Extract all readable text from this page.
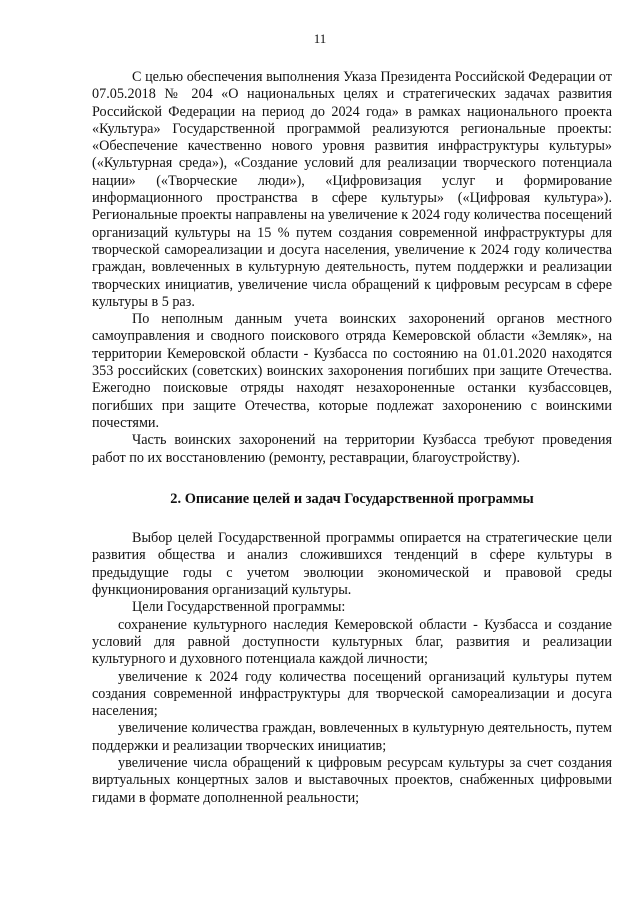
11

С целью обеспечения выполнения Указа Президента Российской Федерации от 07.05.2018 № 204 «О национальных целях и стратегических задачах развития Российской Федерации на период до 2024 года» в рамках национального проекта «Культура» Государственной программой реализуются региональные проекты: «Обеспечение качественно нового уровня развития инфраструктуры культуры» («Культурная среда»), «Создание условий для реализации творческого потенциала нации» («Творческие люди»), «Цифровизация услуг и формирование информационного пространства в сфере культуры» («Цифровая культура»). Региональные проекты направлены на увеличение к 2024 году количества посещений организаций культуры на 15 % путем создания современной инфраструктуры для творческой самореализации и досуга населения, увеличение к 2024 году количества граждан, вовлеченных в культурную деятельность, путем поддержки и реализации творческих инициатив, увеличение числа обращений к цифровым ресурсам в сфере культуры в 5 раз.

По неполным данным учета воинских захоронений органов местного самоуправления и сводного поискового отряда Кемеровской области «Земляк», на территории Кемеровской области - Кузбасса по состоянию на 01.01.2020 находятся 353 российских (советских) воинских захоронения погибших при защите Отечества. Ежегодно поисковые отряды находят незахороненные останки кузбассовцев, погибших при защите Отечества, которые подлежат захоронению с воинскими почестями.

Часть воинских захоронений на территории Кузбасса требуют проведения работ по их восстановлению (ремонту, реставрации, благоустройству).

2. Описание целей и задач Государственной программы

Выбор целей Государственной программы опирается на стратегические цели развития общества и анализ сложившихся тенденций в сфере культуры в предыдущие годы с учетом эволюции экономической и правовой среды функционирования организаций культуры.

Цели Государственной программы:

сохранение культурного наследия Кемеровской области - Кузбасса и создание условий для равной доступности культурных благ, развития и реализации культурного и духовного потенциала каждой личности;

увеличение к 2024 году количества посещений организаций культуры путем создания современной инфраструктуры для творческой самореализации и досуга населения;

увеличение количества граждан, вовлеченных в культурную деятельность, путем поддержки и реализации творческих инициатив;

увеличение числа обращений к цифровым ресурсам культуры за счет создания виртуальных концертных залов и выставочных проектов, снабженных цифровыми гидами в формате дополненной реальности;
